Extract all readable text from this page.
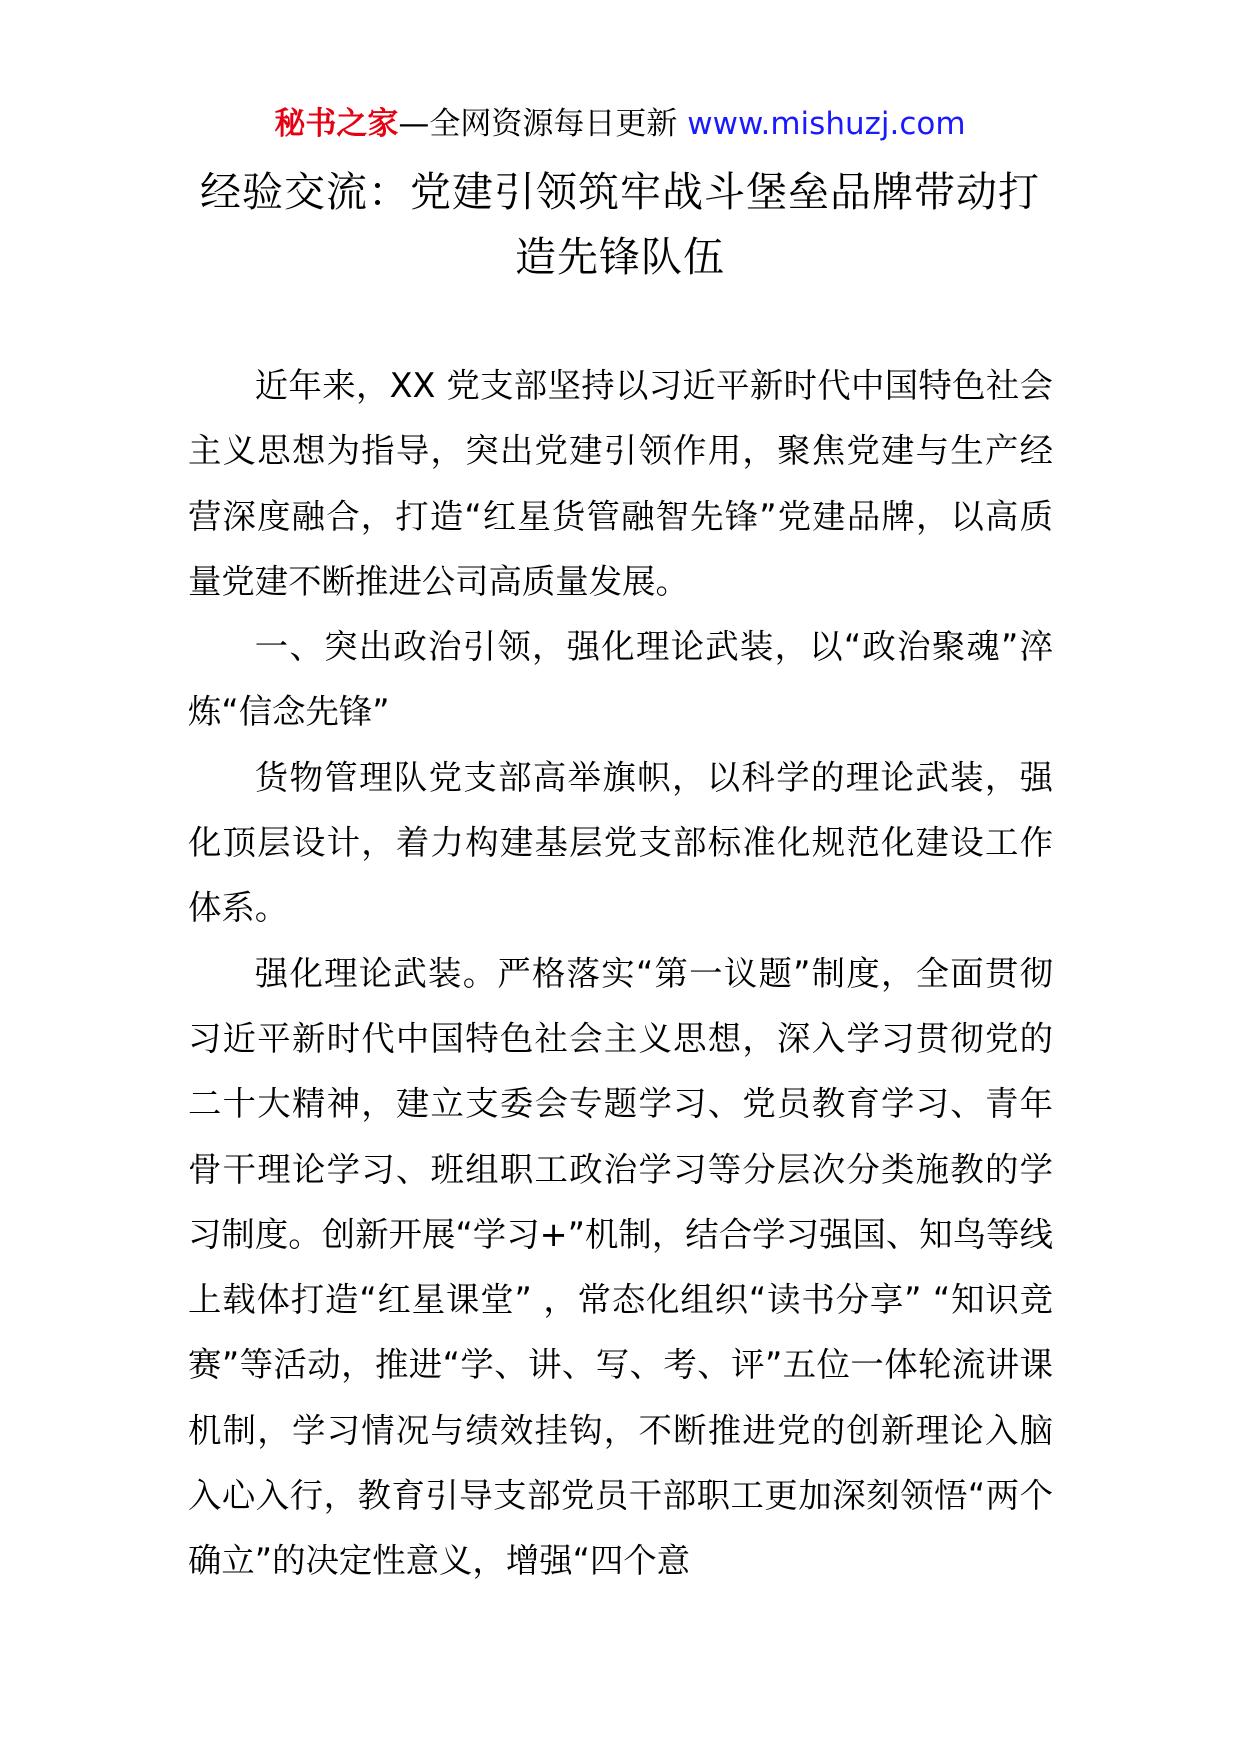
秘书之家—全网资源每日更新 www.mishuzj.com
经验交流：党建引领筑牢战斗堡垒品牌带动打造先锋队伍

近年来，XX 党支部坚持以习近平新时代中国特色社会主义思想为指导，突出党建引领作用，聚焦党建与生产经营深度融合，打造“红星货管融智先锋”党建品牌，以高质量党建不断推进公司高质量发展。

一、突出政治引领，强化理论武装，以“政治聚魂”淬炼“信念先锋”

货物管理队党支部高举旗帜，以科学的理论武装，强化顶层设计，着力构建基层党支部标准化规范化建设工作体系。

强化理论武装。严格落实“第一议题”制度，全面贯彻习近平新时代中国特色社会主义思想，深入学习贯彻党的二十大精神，建立支委会专题学习、党员教育学习、青年骨干理论学习、班组职工政治学习等分层次分类施教的学习制度。创新开展“学习+”机制，结合学习强国、知鸟等线上载体打造“红星课堂” ，常态化组织“读书分享” “知识竞赛”等活动，推进“学、讲、写、考、评”五位一体轮流讲课机制，学习情况与绩效挂钩，不断推进党的创新理论入脑入心入行，教育引导支部党员干部职工更加深刻领悟“两个确立”的决定性意义，增强“四个意
